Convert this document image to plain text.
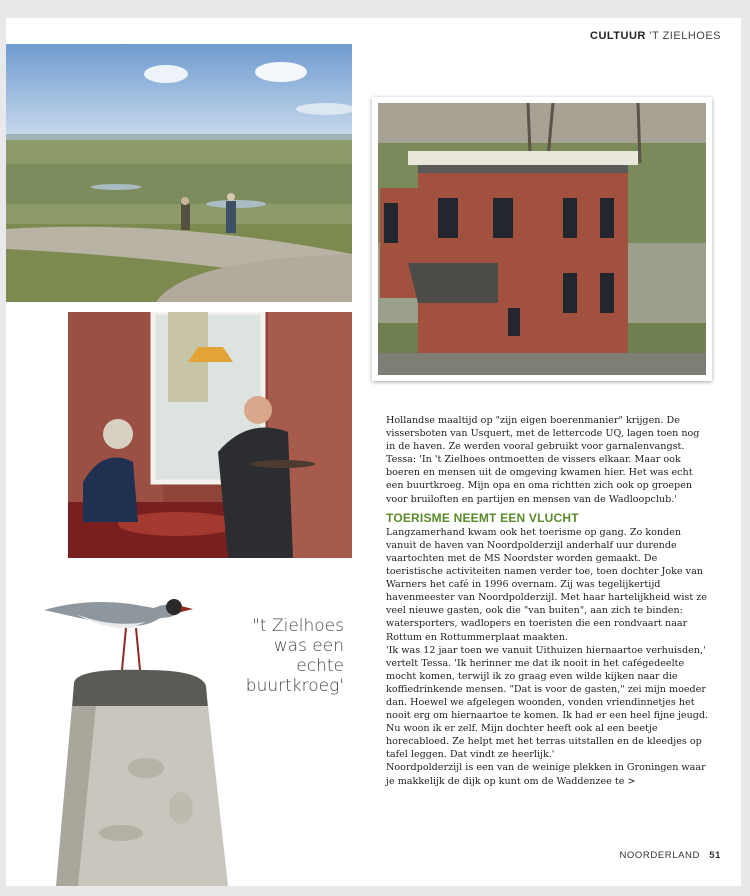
CULTUUR 'T ZIELHOES
"t Zielhoes was een echte buurtkroeg'

Hollandse maaltijd op "zijn eigen boerenmanier" krijgen. De vissersboten van Usquert, met de lettercode UQ, lagen toen nog in de haven. Ze werden vooral gebruikt voor garnalenvangst. Tessa: 'In 't Zielhoes ontmoetten de vissers elkaar. Maar ook boeren en mensen uit de omgeving kwamen hier. Het was echt een buurtkroeg. Mijn opa en oma richtten zich ook op groepen voor bruiloften en partijen en mensen van de Wadloopclub.'

TOERISME NEEMT EEN VLUCHT

Langzamerhand kwam ook het toerisme op gang. Zo konden vanuit de haven van Noordpolderzijl anderhalf uur durende vaartochten met de MS Noordster worden gemaakt. De toeristische activiteiten namen verder toe, toen dochter Joke van Warners het café in 1996 overnam. Zij was tegelijkertijd havenmeester van Noordpolderzijl. Met haar hartelijkheid wist ze veel nieuwe gasten, ook die "van buiten", aan zich te binden: watersporters, wadlopers en toeristen die een rondvaart naar Rottum en Rottummerplaat maakten.

'Ik was 12 jaar toen we vanuit Uithuizen hiernaartoe verhuisden,' vertelt Tessa. 'Ik herinner me dat ik nooit in het cafégedeelte mocht komen, terwijl ik zo graag even wilde kijken naar die koffiedrinkende mensen. "Dat is voor de gasten," zei mijn moeder dan. Hoewel we afgelegen woonden, vonden vriendinnetjes het nooit erg om hiernaartoe te komen. Ik had er een heel fijne jeugd. Nu woon ik er zelf. Mijn dochter heeft ook al een beetje horecabloed. Ze helpt met het terras uitstallen en de kleedjes op tafel leggen. Dat vindt ze heerlijk.'

Noordpolderzijl is een van de weinige plekken in Groningen waar je makkelijk de dijk op kunt om de Waddenzee te >

NOORDERLAND 51
